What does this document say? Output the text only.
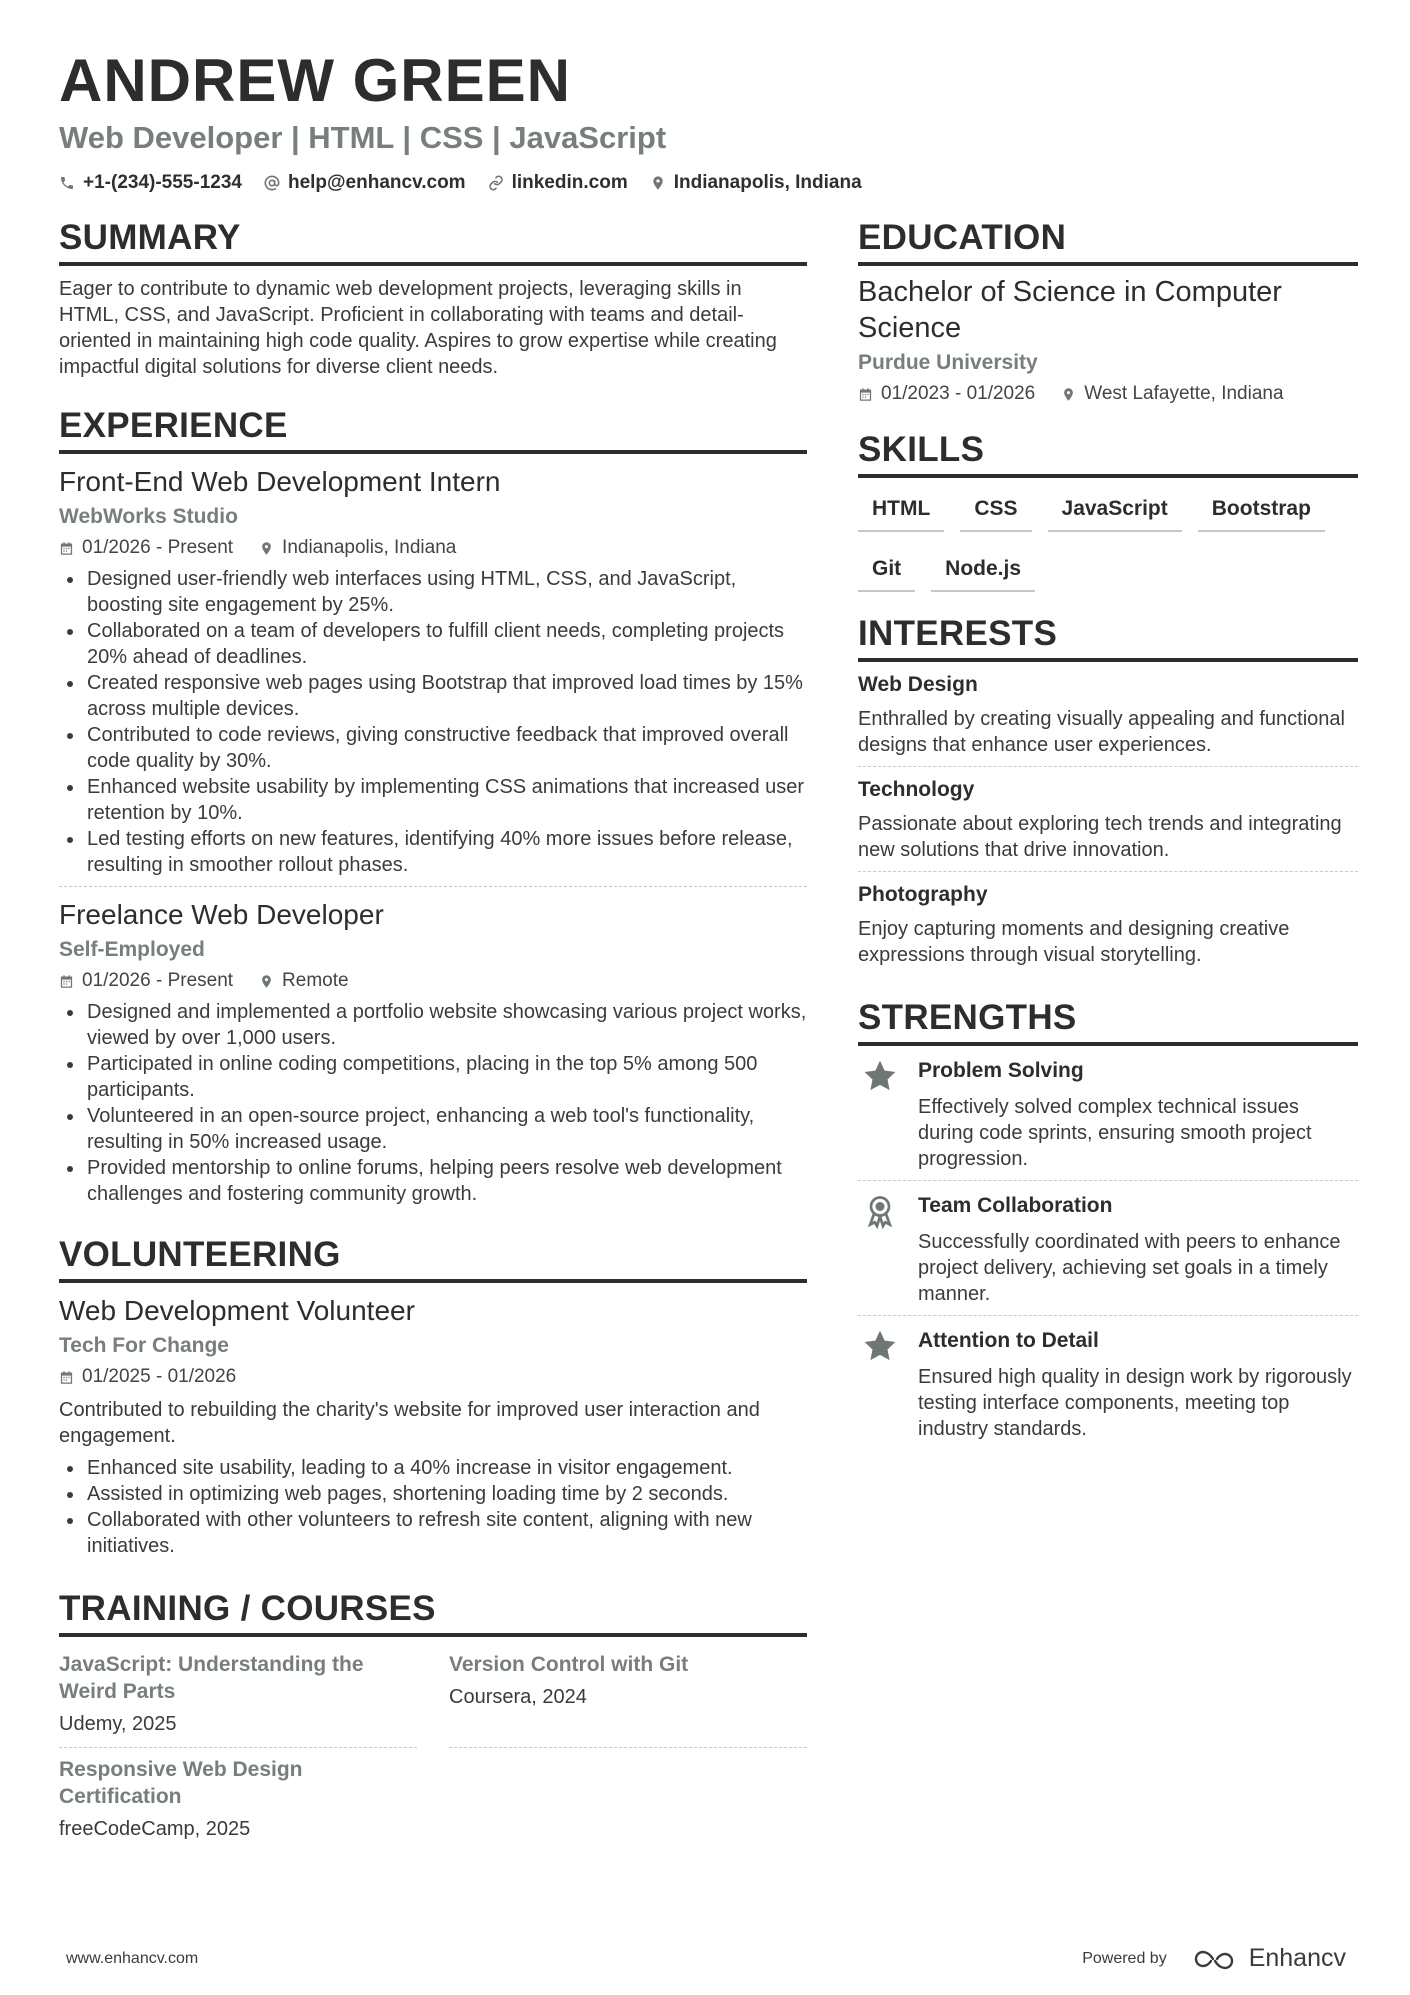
ANDREW GREEN
Web Developer | HTML | CSS | JavaScript
+1-(234)-555-1234 help@enhancv.com linkedin.com Indianapolis, Indiana
SUMMARY
Eager to contribute to dynamic web development projects, leveraging skills in HTML, CSS, and JavaScript. Proficient in collaborating with teams and detail-oriented in maintaining high code quality. Aspires to grow expertise while creating impactful digital solutions for diverse client needs.
EXPERIENCE
Front-End Web Development Intern
WebWorks Studio
01/2026 - Present	Indianapolis, Indiana
Designed user-friendly web interfaces using HTML, CSS, and JavaScript, boosting site engagement by 25%.
Collaborated on a team of developers to fulfill client needs, completing projects 20% ahead of deadlines.
Created responsive web pages using Bootstrap that improved load times by 15% across multiple devices.
Contributed to code reviews, giving constructive feedback that improved overall code quality by 30%.
Enhanced website usability by implementing CSS animations that increased user retention by 10%.
Led testing efforts on new features, identifying 40% more issues before release, resulting in smoother rollout phases.
Freelance Web Developer
Self-Employed
01/2026 - Present	Remote
Designed and implemented a portfolio website showcasing various project works, viewed by over 1,000 users.
Participated in online coding competitions, placing in the top 5% among 500 participants.
Volunteered in an open-source project, enhancing a web tool's functionality, resulting in 50% increased usage.
Provided mentorship to online forums, helping peers resolve web development challenges and fostering community growth.
VOLUNTEERING
Web Development Volunteer
Tech For Change
01/2025 - 01/2026
Contributed to rebuilding the charity's website for improved user interaction and engagement.
Enhanced site usability, leading to a 40% increase in visitor engagement.
Assisted in optimizing web pages, shortening loading time by 2 seconds.
Collaborated with other volunteers to refresh site content, aligning with new initiatives.
TRAINING / COURSES
JavaScript: Understanding the Weird Parts
Udemy, 2025
Version Control with Git
Coursera, 2024
Responsive Web Design Certification
freeCodeCamp, 2025
EDUCATION
Bachelor of Science in Computer Science
Purdue University
01/2023 - 01/2026	West Lafayette, Indiana
SKILLS
HTML	CSS	JavaScript	Bootstrap
Git	Node.js
INTERESTS
Web Design
Enthralled by creating visually appealing and functional designs that enhance user experiences.
Technology
Passionate about exploring tech trends and integrating new solutions that drive innovation.
Photography
Enjoy capturing moments and designing creative expressions through visual storytelling.
STRENGTHS
Problem Solving
Effectively solved complex technical issues during code sprints, ensuring smooth project progression.
Team Collaboration
Successfully coordinated with peers to enhance project delivery, achieving set goals in a timely manner.
Attention to Detail
Ensured high quality in design work by rigorously testing interface components, meeting top industry standards.
www.enhancv.com	Powered by	Enhancv
